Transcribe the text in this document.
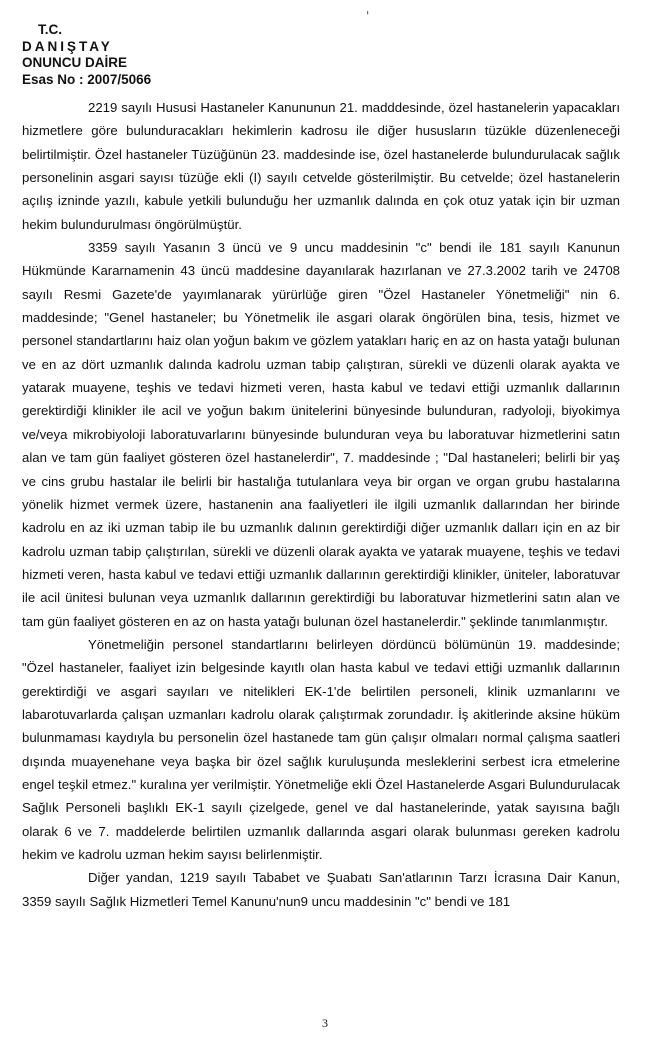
'
T.C.
DANIŞTAY
ONUNCU DAİRE
Esas No : 2007/5066

2219 sayılı Hususi Hastaneler Kanununun 21. madddesinde, özel hastanelerin yapacakları hizmetlere göre bulunduracakları hekimlerin kadrosu ile diğer hususların tüzükle düzenleneceği belirtilmiştir. Özel hastaneler Tüzüğünün 23. maddesinde ise, özel hastanelerde bulundurulacak sağlık personelinin asgari sayısı tüzüğe ekli (I) sayılı cetvelde gösterilmiştir. Bu cetvelde; özel hastanelerin açılış izninde yazılı, kabule yetkili bulunduğu her uzmanlık dalında en çok otuz yatak için bir uzman hekim bulundurulması öngörülmüştür.

3359 sayılı Yasanın 3 üncü ve 9 uncu maddesinin "c" bendi ile 181 sayılı Kanunun Hükmünde Kararnamenin 43 üncü maddesine dayanılarak hazırlanan ve 27.3.2002 tarih ve 24708 sayılı Resmi Gazete'de yayımlanarak yürürlüğe giren "Özel Hastaneler Yönetmeliği" nin 6. maddesinde; "Genel hastaneler; bu Yönetmelik ile asgari olarak öngörülen bina, tesis, hizmet ve personel standartlarını haiz olan yoğun bakım ve gözlem yatakları hariç en az on hasta yatağı bulunan ve en az dört uzmanlık dalında kadrolu uzman tabip çalıştıran, sürekli ve düzenli olarak ayakta ve yatarak muayene, teşhis ve tedavi hizmeti veren, hasta kabul ve tedavi ettiği uzmanlık dallarının gerektirdiği klinikler ile acil ve yoğun bakım ünitelerini bünyesinde bulunduran, radyoloji, biyokimya ve/veya mikrobiyoloji laboratuvarlarını bünyesinde bulunduran veya bu laboratuvar hizmetlerini satın alan ve tam gün faaliyet gösteren özel hastanelerdir", 7. maddesinde ; "Dal hastaneleri; belirli bir yaş ve cins grubu hastalar ile belirli bir hastalığa tutulanlara veya bir organ ve organ grubu hastalarına yönelik hizmet vermek üzere, hastanenin ana faaliyetleri ile ilgili uzmanlık dallarından her birinde kadrolu en az iki uzman tabip ile bu uzmanlık dalının gerektirdiği diğer uzmanlık dalları için en az bir kadrolu uzman tabip çalıştırılan, sürekli ve düzenli olarak ayakta ve yatarak muayene, teşhis ve tedavi hizmeti veren, hasta kabul ve tedavi ettiği uzmanlık dallarının gerektirdiği klinikler, üniteler, laboratuvar ile acil ünitesi bulunan veya uzmanlık dallarının gerektirdiği bu laboratuvar hizmetlerini satın alan ve tam gün faaliyet gösteren en az on hasta yatağı bulunan özel hastanelerdir." şeklinde tanımlanmıştır.

Yönetmeliğin personel standartlarını belirleyen dördüncü bölümünün 19. maddesinde; "Özel hastaneler, faaliyet izin belgesinde kayıtlı olan hasta kabul ve tedavi ettiği uzmanlık dallarının gerektirdiği ve asgari sayıları ve nitelikleri EK-1'de belirtilen personeli, klinik uzmanlarını ve labarotuvarlarda çalışan uzmanları kadrolu olarak çalıştırmak zorundadır. İş akitlerinde aksine hüküm bulunmaması kaydıyla bu personelin özel hastanede tam gün çalışır olmaları normal çalışma saatleri dışında muayenehane veya başka bir özel sağlık kuruluşunda mesleklerini serbest icra etmelerine engel teşkil etmez." kuralına yer verilmiştir. Yönetmeliğe ekli Özel Hastanelerde Asgari Bulundurulacak Sağlık Personeli başlıklı EK-1 sayılı çizelgede, genel ve dal hastanelerinde, yatak sayısına bağlı olarak 6 ve 7. maddelerde belirtilen uzmanlık dallarında asgari olarak bulunması gereken kadrolu hekim ve kadrolu uzman hekim sayısı belirlenmiştir.

Diğer yandan, 1219 sayılı Tababet ve Şuabatı San'atlarının Tarzı İcrasına Dair Kanun, 3359 sayılı Sağlık Hizmetleri Temel Kanunu'nun9 uncu maddesinin "c" bendi ve 181

3
